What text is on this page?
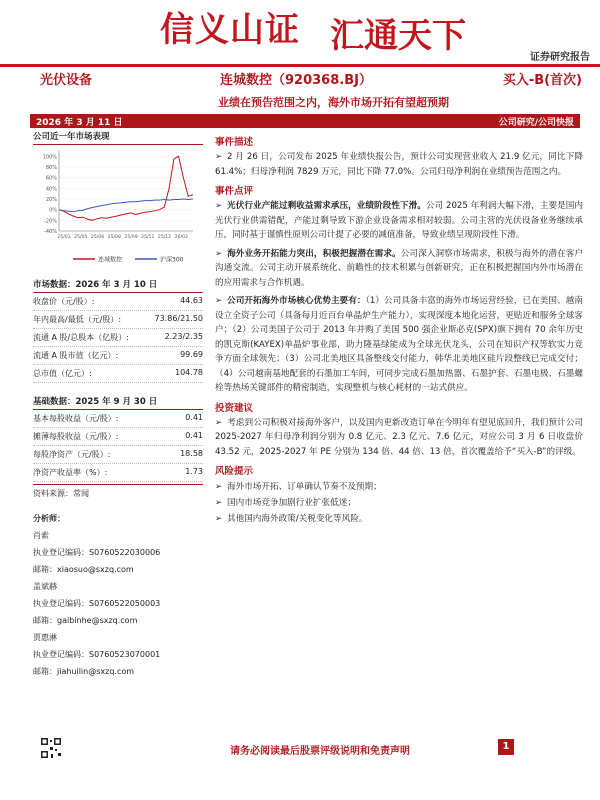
信义山证 汇通天下
证券研究报告
光伏设备	连城数控（920368.BJ）	买入-B(首次)
业绩在预告范围之内，海外市场开拓有望超预期
2026 年 3 月 11 日	公司研究/公司快报
公司近一年市场表现
100%
80%
60%
40%
20%
0%
-20%
-40%
25/03 25/05 25/06 25/08 25/09 25/11 25/12 26/02
连城数控	沪深300
市场数据：2026 年 3 月 10 日
收盘价（元/股）:	44.63
年内最高/最低（元/股）:	73.86/21.50
流通 A 股/总股本（亿股）:	2.23/2.35
流通 A 股市值（亿元）:	99.69
总市值（亿元）:	104.78
基础数据：2025 年 9 月 30 日
基本每股收益（元/股）:	0.41
摊薄每股收益（元/股）:	0.41
每股净资产（元/股）:	18.58
净资产收益率（%）:	1.73
资料来源：常闻
分析师：
肖索
执业登记编码：S0760522030006
邮箱：xiaosuo@sxzq.com
盖斌赫
执业登记编码：S0760522050003
邮箱：gaibinhe@sxzq.com
贾惠淋
执业登记编码：S0760523070001
邮箱：jiahuilin@sxzq.com
事件描述
➢ 2 月 26 日，公司发布 2025 年业绩快报公告，预计公司实现营业收入 21.9 亿元，同比下降 61.4%；归母净利润 7829 万元，同比下降 77.0%。公司归母净利润在业绩预告范围之内。
事件点评
➢ 光伏行业产能过剩收益需求承压，业绩阶段性下滑。公司 2025 年利润大幅下滑，主要是国内光伏行业供需错配，产能过剩导致下游企业设备需求相对较弱。公司主营的光伏设备业务继续承压，同时基于谨慎性原则公司计提了必要的减值准备，导致业绩呈现阶段性下滑。
➢ 海外业务开拓能力突出，积极把握潜在需求。公司深入洞察市场需求，积极与海外的潜在客户沟通交流。公司主动开展系统化、前瞻性的技术积累与创新研究，正在积极把握国内外市场潜在的应用需求与合作机遇。
➢ 公司开拓海外市场核心优势主要有：（1）公司具备丰富的海外市场运营经验，已在美国、越南设立全资子公司（具备每月近百台单晶炉生产能力），实现深度本地化运营，更贴近和服务全球客户；（2）公司美国子公司于 2013 年并购了美国 500 强企业斯必克(SPX)旗下拥有 70 余年历史的凯克斯(KAYEX)单晶炉事业部，助力隆基绿能成为全球光伏龙头，公司在知识产权等软实力竞争方面全球领先；（3）公司北美地区具备整线交付能力，韩华北美地区硅片段整线已完成交付；（4）公司越南基地配套的石墨加工车间，可同步完成石墨加热器、石墨护套、石墨电极、石墨螺栓等热场关键部件的精密制造，实现整机与核心耗材的一站式供应。
投资建议
➢ 考虑到公司积极对接海外客户，以及国内更新改造订单在今明年有望见底回升，我们预计公司 2025-2027 年归母净利润分别为 0.8 亿元、2.3 亿元、7.6 亿元，对应公司 3 月 6 日收盘价 43.52 元，2025-2027 年 PE 分别为 134 倍、44 倍、13 倍，首次覆盖给予“买入-B”的评级。
风险提示
➢ 海外市场开拓、订单确认节奏不及预期；
➢ 国内市场竞争加剧行业扩张低迷；
➢ 其他国内海外政策/关税变化等风险。
请务必阅读最后股票评级说明和免责声明	1
